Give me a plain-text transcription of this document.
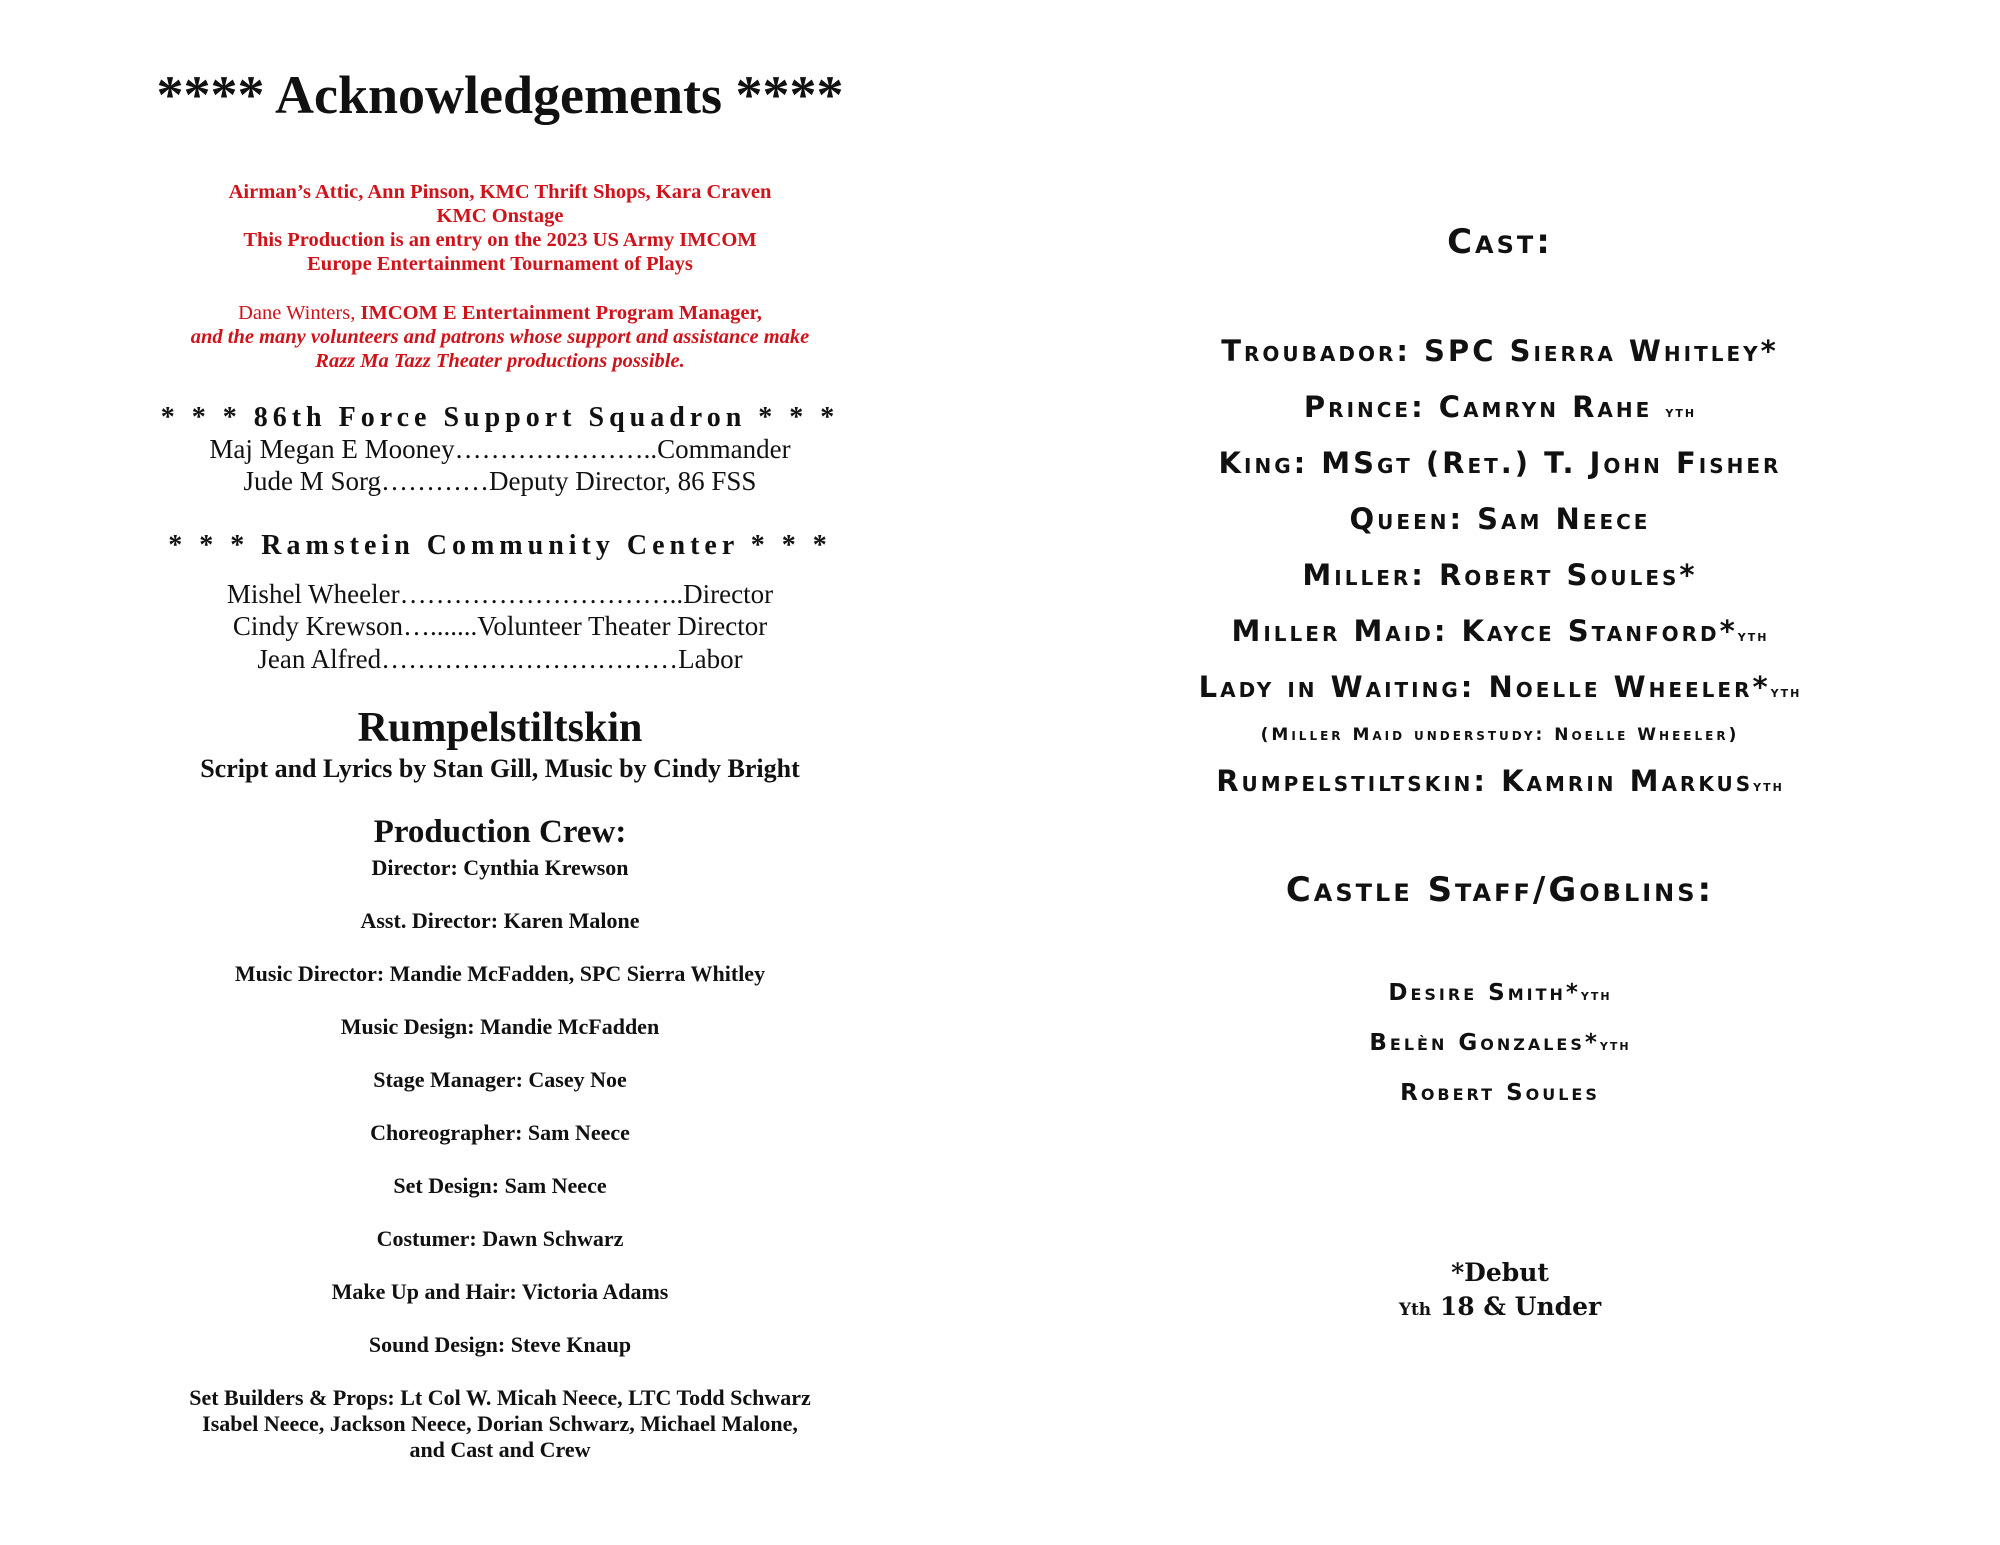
**** Acknowledgements ****
Airman’s Attic, Ann Pinson, KMC Thrift Shops, Kara Craven
KMC Onstage
This Production is an entry on the 2023 US Army IMCOM
Europe Entertainment Tournament of Plays
Dane Winters, IMCOM E Entertainment Program Manager,
and the many volunteers and patrons whose support and assistance make
Razz Ma Tazz Theater productions possible.
* * * 86th Force Support Squadron * * *
Maj Megan E Mooney…………………..Commander
Jude M Sorg…………Deputy Director, 86 FSS
* * * Ramstein Community Center * * *
Mishel Wheeler…………………………..Director
Cindy Krewson….......Volunteer Theater Director
Jean Alfred……………………………Labor
Rumpelstiltskin
Script and Lyrics by Stan Gill, Music by Cindy Bright
Production Crew:
Director: Cynthia Krewson
Asst. Director: Karen Malone
Music Director: Mandie McFadden, SPC Sierra Whitley
Music Design: Mandie McFadden
Stage Manager: Casey Noe
Choreographer: Sam Neece
Set Design: Sam Neece
Costumer: Dawn Schwarz
Make Up and Hair: Victoria Adams
Sound Design: Steve Knaup
Set Builders & Props: Lt Col W. Micah Neece, LTC Todd Schwarz
Isabel Neece, Jackson Neece, Dorian Schwarz, Michael Malone,
and Cast and Crew
Cast:
Troubador: SPC Sierra Whitley*
Prince: Camryn Rahe yth
King: MSgt (Ret.) T. John Fisher
Queen: Sam Neece
Miller: Robert Soules*
Miller Maid: Kayce Stanford*yth
Lady in Waiting: Noelle Wheeler*yth
(Miller Maid understudy: Noelle Wheeler)
Rumpelstiltskin: Kamrin Markusyth
Castle Staff/Goblins:
Desire Smith*yth
Belèn Gonzales*yth
Robert Soules
*Debut
Yth 18 & Under
